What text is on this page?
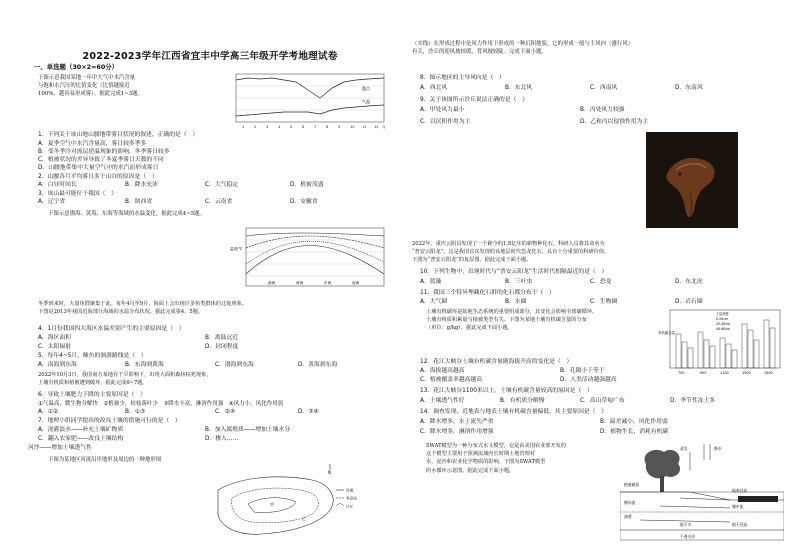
2022-2023学年江西省宜丰中学高三年级开学考地理试卷
一、单选题（30×2=60分）
下图示意我国某地一年中大气中水汽含量
与饱和水汽压的比值变化（比值越接近
100%，越容易形成雾）。据此完成1~3题。
露点
气温
1	2	3	4	5	6	7	8	9	10 11 12 月
1．下列关于该山地山腰地带雾日状况的叙述，正确的是（　）
A．夏季空气中水汽含量高，雾日较多季多
B．受冬季冷对流层逆温现象的影响，冬季雾日较多
C．植被状况的差异导致了冬夏季雾日天数的不同
D．山腰地带集中大量空气中的水汽而形成雾日
2．山腰各月平均雾日多于山谷的原因是（　）
A．白昼时间长	B．降水充沛	C．大气稳定	D．植被茂盛
3．该山最可能位于我国（　）
A．辽宁省	B．陕西省	C．云南省	D．安徽省
下图示意渤海、黄海、东海等海域的水温变化。据此完成4~5题。
温度/℃
渤海	黄海	东海	南海
冬季到来时，大量鱼群聚集于此。每年4月至9月，海面上会出现许多鱼类群体的迁徙现象。
下图是2013年我国近海部分海域的水温分布状况。据此完成第4、5题。
4．1月份我国四大海区水温差别产生的主要原因是（　）
A．海区面积	B．离陆远近
C．太阳辐射	D．封闭程度
5．每年4~5月，鲅鱼的洄游路线是（　）
A．南海到东海	B．东海到黄海	C．渤海到东海	D．黄海到东海
2022年10月3日，我国南方某地在干旱影响下，出现大面积森林枯死现象，
土壤有机质和植被遭到破坏。据此完成6~7题。
6．导致土壤肥力下降的主要原因是（　）
①气温高，微生物分解快　②植被少，枯枝落叶少　③降水丰富，淋溶作用强　④风力小，风化作用弱
A．①②	B．①③	C．②④	D．③④
7．地理小组同学提出的改良土壤的措施可行的是（　）
A．浇灌淡水——补充土壤矿物质	B．加入腐殖质——增加土壤水分
C．翻入农家肥——改良土壤结构	D．掺入……
河沙——增加土壤透气性
下图为某地区河流沿岸地形及周边的一种地形图
N
甲
乙
河流
等高线
沙丘
（实线）在形成过程中是风力作用下形成的一种沉积地貌。它的形成一般与主风向（盛行风）
有关，沙丘的迎风坡较缓，背风坡较陡。完成下面小题。
8．图示地区的主导风向是（　）
A．西北风	B．东北风	C．西南风	D．东南风
9．关于该图所示沙丘说法正确的是（　）
A．甲处风力最小	B．丙处风力较强
C．以沉积作用为主	D．乙和丙以侵蚀作用为主
2022年，重庆云阳县发现了一个距今约1.8亿年的新物种化石，科研人员将其命名为
“普安云阳龙”，这是我国首次发现的该地层时代恐龙化石，具有十分重要的科研价值。
下图为“普安云阳龙”的复原图。据此完成下面小题。
10．下列生物中，出现时代与“普安云阳龙”生活时代相隔最近的是（　）
A．蓝藻	B．三叶虫	C．恐龙	D．东北虎
11．我国三个特异埋藏化石群的化石都分布于（　）
A．大气圈	B．水圈	C．生物圈	D．岩石圈
土壤有机碳库是陆地生态系统的重要组成部分，其变化会影响全球碳循环。
土壤有机质积累量与植被类型有关。下图为某地土壤有机碳含量的分布
（单位：g/kg）。据此完成下面小题。
有机碳含量
土层深度
0-20cm
20-40cm
40-60cm
700	900	1100	1300	1500
12．花江大峡谷土壤有机碳含量随海拔升高的变化是（　）
A．海拔越高越高	B．孔隙小于等于
C．植被覆盖率越高越高	D．人类活动越强越高
13．花江大峡谷1100米以上，土壤有机碳含量较高的原因是（　）
A．土壤透气性好	B．有机质分解慢	C．高山草甸广布	D．季节性冻土多
14．调查发现，近地表与地表土壤有机碳含量偏低，其主要原因是（　）
A．降水增多，水土流失严重	B．温差减小，风化作用弱
C．降水增多，淋溶作用增强	D．植物生长，消耗有机碳
SWAT模型为一种分布式水文模型，它是由美国农业部开发的
这个模型主要用于预测流域内长时期土地管理对
水、泥沙和农业化学物质的影响。下图为SWAT模型
的水循环示意图。据此完成下面小题。
降水
蒸发
地表径流
壤中流
地下径流
侧向流
渗透
植被截留
地下水
不透水层
